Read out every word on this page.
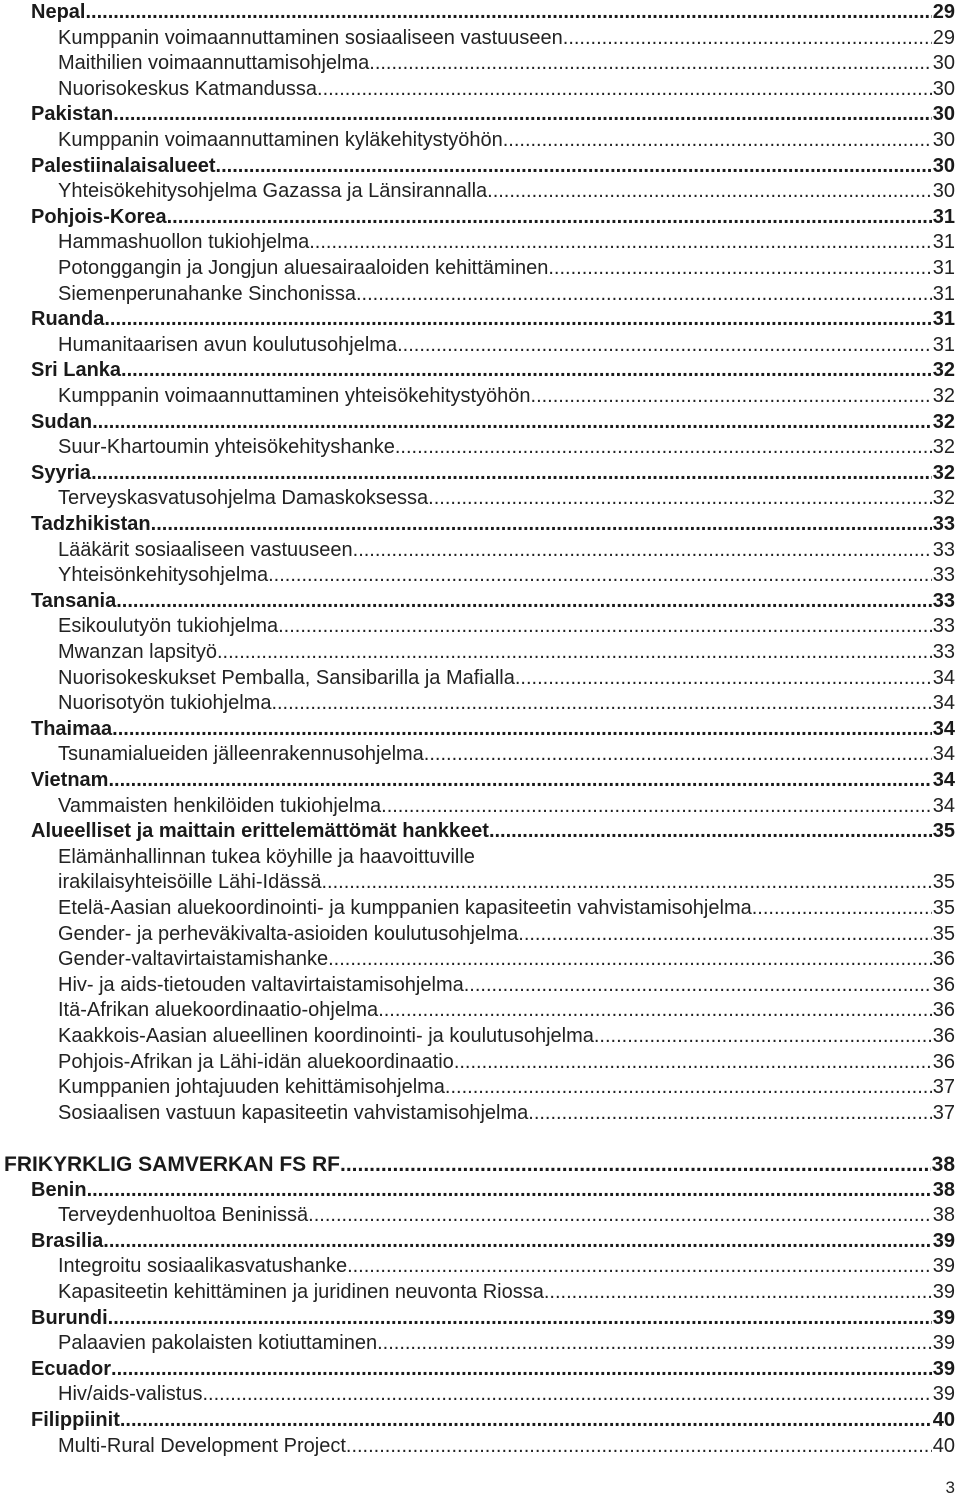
Nepal .....	29
Kumppanin voimaannuttaminen sosiaaliseen vastuuseen .....	29
Maithilien voimaannuttamisohjelma .....	30
Nuorisokeskus Katmandussa .....	30
Pakistan .....	30
Kumppanin voimaannuttaminen kyläkehitystyöhön .....	30
Palestiinalaisalueet .....	30
Yhteisökehitysohjelma Gazassa ja Länsirannalla .....	30
Pohjois-Korea .....	31
Hammashuollon tukiohjelma .....	31
Potonggangin ja Jongjun aluesairaaloiden kehittäminen .....	31
Siemenperunahanke Sinchonissa .....	31
Ruanda .....	31
Humanitaarisen avun koulutusohjelma .....	31
Sri Lanka .....	32
Kumppanin voimaannuttaminen yhteisökehitystyöhön .....	32
Sudan .....	32
Suur-Khartoumin yhteisökehityshanke .....	32
Syyria .....	32
Terveyskasvatusohjelma Damaskoksessa .....	32
Tadzhikistan .....	33
Lääkärit sosiaaliseen vastuuseen .....	33
Yhteisönkehitysohjelma .....	33
Tansania .....	33
Esikoulutyön tukiohjelma .....	33
Mwanzan lapsityö .....	33
Nuorisokeskukset Pemballa, Sansibarilla ja Mafialla .....	34
Nuorisotyön tukiohjelma .....	34
Thaimaa .....	34
Tsunamialueiden jälleenrakennusohjelma .....	34
Vietnam .....	34
Vammaisten henkilöiden tukiohjelma .....	34
Alueelliset ja maittain erittelemättömät hankkeet .....	35
Elämänhallinnan tukea köyhille ja haavoittuville
irakilaisyhteisöille Lähi-Idässä .....	35
Etelä-Aasian aluekoordinointi- ja kumppanien kapasiteetin vahvistamisohjelma .....	35
Gender- ja perheväkivalta-asioiden koulutusohjelma .....	35
Gender-valtavirtaistamishanke .....	36
Hiv- ja aids-tietouden valtavirtaistamisohjelma .....	36
Itä-Afrikan aluekoordinaatio-ohjelma .....	36
Kaakkois-Aasian alueellinen koordinointi- ja koulutusohjelma .....	36
Pohjois-Afrikan ja Lähi-idän aluekoordinaatio .....	36
Kumppanien johtajuuden kehittämisohjelma .....	37
Sosiaalisen vastuun kapasiteetin vahvistamisohjelma .....	37
FRIKYRKLIG SAMVERKAN FS RF .....	38
Benin .....	38
Terveydenhuoltoa Beninissä .....	38
Brasilia .....	39
Integroitu sosiaalikasvatushanke .....	39
Kapasiteetin kehittäminen ja juridinen neuvonta Riossa .....	39
Burundi .....	39
Palaavien pakolaisten kotiuttaminen .....	39
Ecuador .....	39
Hiv/aids-valistus .....	39
Filippiinit .....	40
Multi-Rural Development Project .....	40
3
